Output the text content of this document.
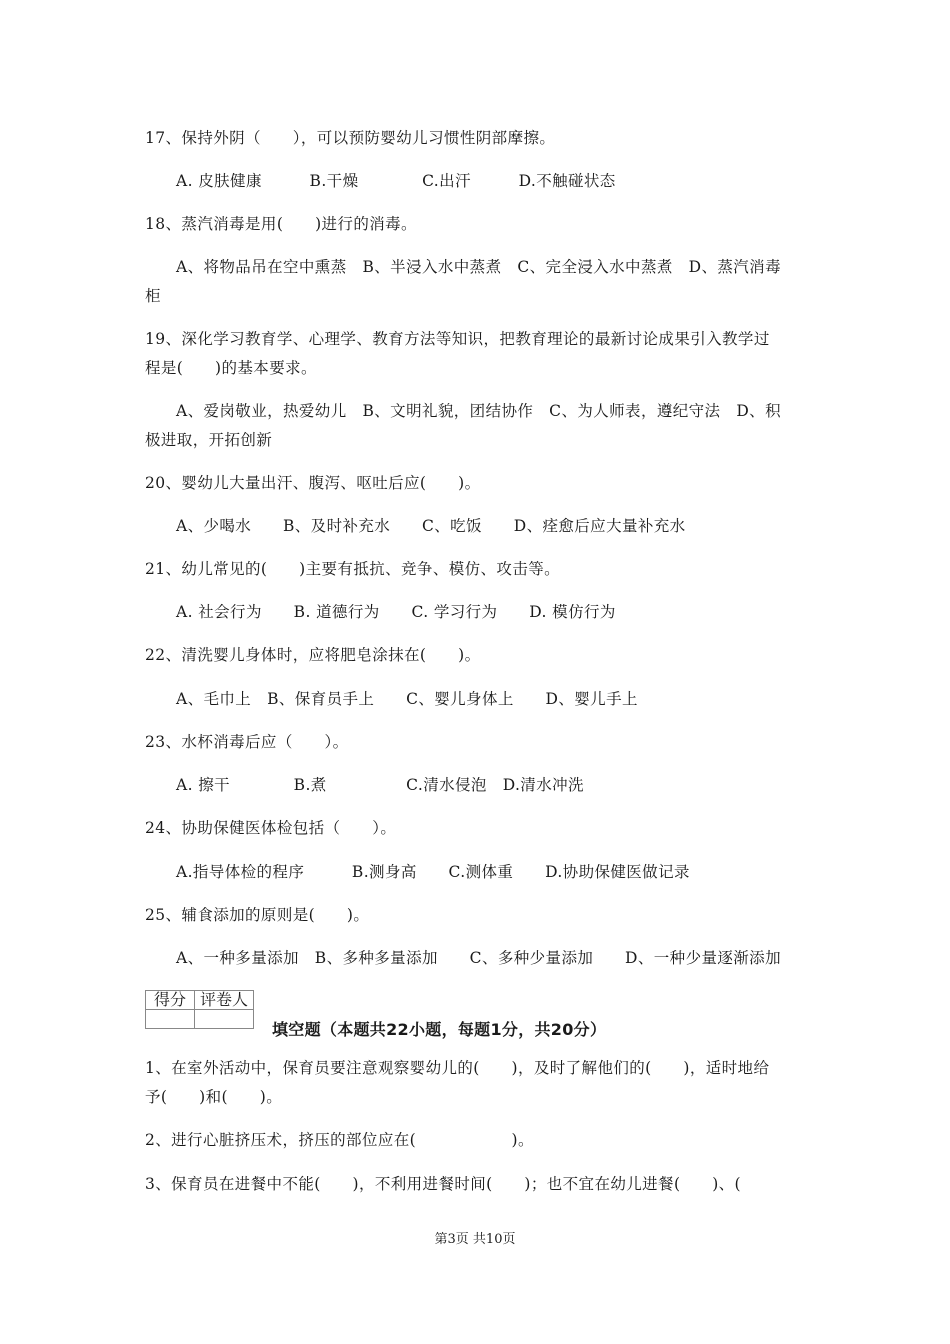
17、保持外阴（　　），可以预防婴幼儿习惯性阴部摩擦。
A. 皮肤健康　　　B.干燥　　　　C.出汗　　　D.不触碰状态
18、蒸汽消毒是用(　　)进行的消毒。
A、将物品吊在空中熏蒸　B、半浸入水中蒸煮　C、完全浸入水中蒸煮　D、蒸汽消毒
柜
19、深化学习教育学、心理学、教育方法等知识，把教育理论的最新讨论成果引入教学过
程是(　　)的基本要求。
A、爱岗敬业，热爱幼儿　B、文明礼貌，团结协作　C、为人师表，遵纪守法　D、积
极进取，开拓创新
20、婴幼儿大量出汗、腹泻、呕吐后应(　　)。
A、少喝水　　B、及时补充水　　C、吃饭　　D、痊愈后应大量补充水
21、幼儿常见的(　　)主要有抵抗、竞争、模仿、攻击等。
A. 社会行为　　B. 道德行为　　C. 学习行为　　D. 模仿行为
22、清洗婴儿身体时，应将肥皂涂抹在(　　)。
A、毛巾上　B、保育员手上　　C、婴儿身体上　　D、婴儿手上
23、水杯消毒后应（　　）。
A. 擦干　　　　B.煮　　　　　C.清水侵泡　D.清水冲洗
24、协助保健医体检包括（　　）。
A.指导体检的程序　　　B.测身高　　C.测体重　　D.协助保健医做记录
25、辅食添加的原则是(　　)。
A、一种多量添加　B、多种多量添加　　C、多种少量添加　　D、一种少量逐渐添加
得分	评卷人

填空题（本题共22小题，每题1分，共20分）
1、在室外活动中，保育员要注意观察婴幼儿的(　　)，及时了解他们的(　　)，适时地给
予(　　)和(　　)。
2、进行心脏挤压术，挤压的部位应在(　　　　　　)。
3、保育员在进餐中不能(　　)，不利用进餐时间(　　)；也不宜在幼儿进餐(　　)、(
第3页 共10页
